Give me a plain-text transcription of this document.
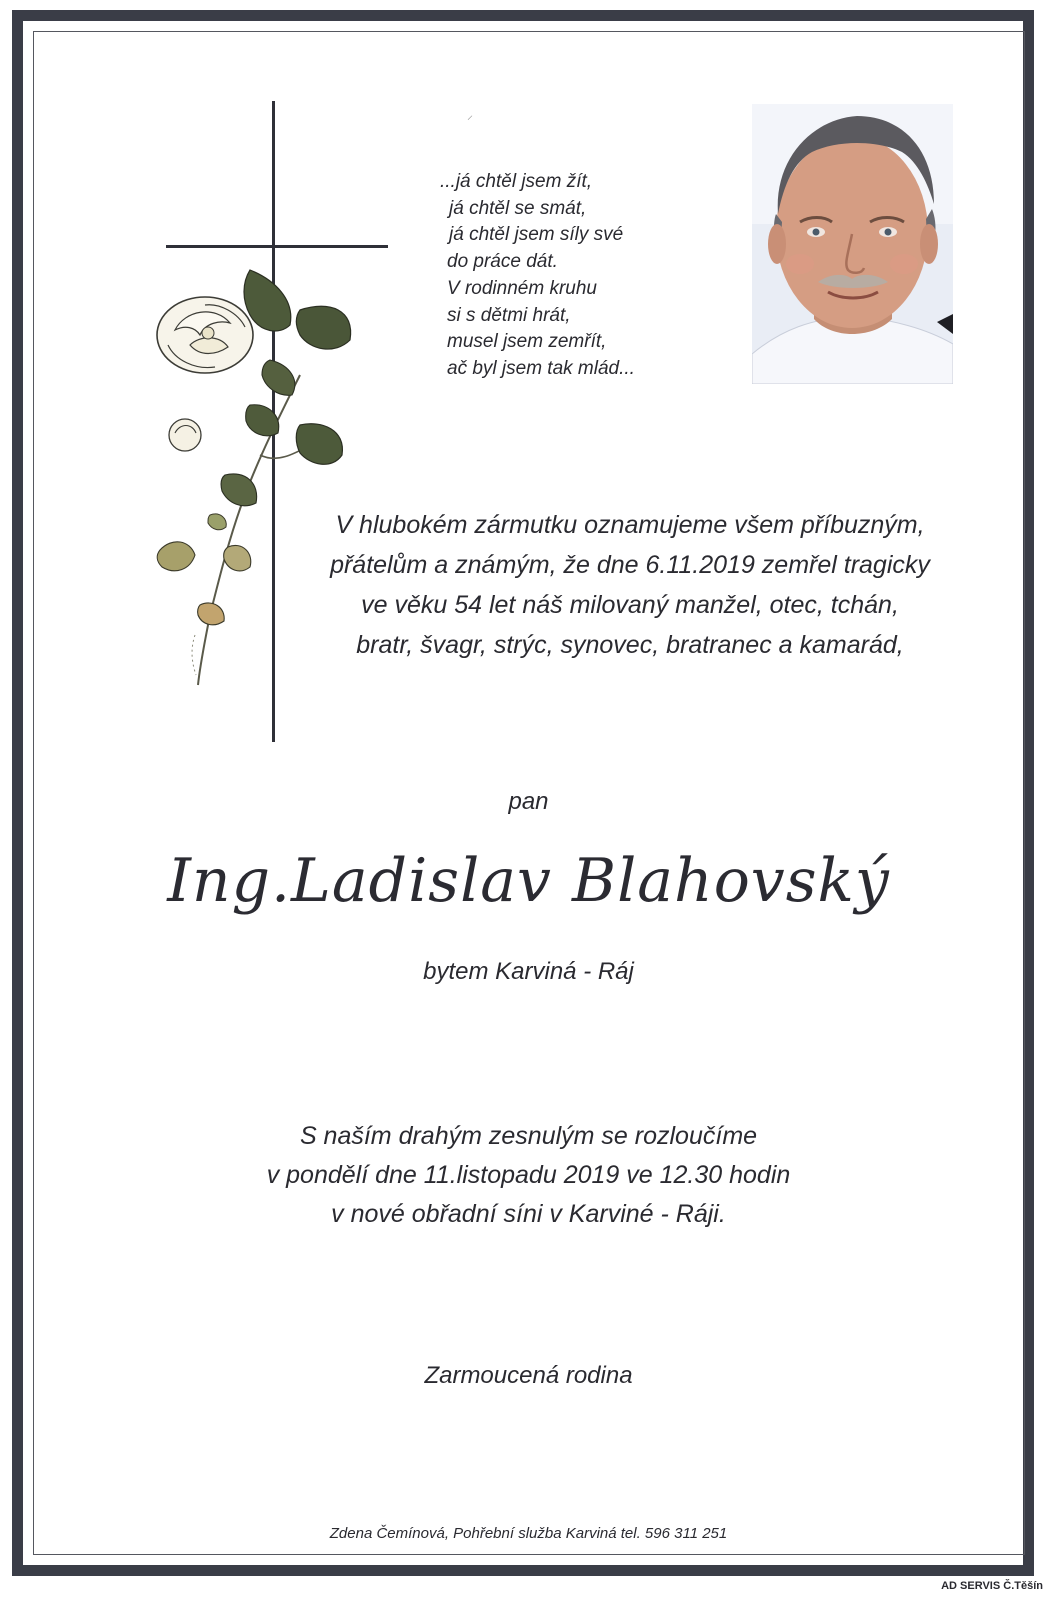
⸝
...já chtěl jsem žít,
já chtěl se smát,
já chtěl jsem síly své
do práce dát.
V rodinném kruhu
si s dětmi hrát,
musel jsem zemřít,
ač byl jsem tak mlád...
V hlubokém zármutku oznamujeme všem příbuzným,
přátelům a známým, že dne 6.11.2019 zemřel tragicky
ve věku 54 let náš milovaný manžel, otec, tchán,
bratr, švagr, strýc, synovec, bratranec a kamarád,
pan
Ing.Ladislav Blahovský
bytem Karviná - Ráj
S naším drahým zesnulým se rozloučíme
v pondělí dne 11.listopadu 2019 ve 12.30 hodin
v nové obřadní síni v Karviné - Ráji.
Zarmoucená rodina
Zdena Čemínová, Pohřební služba Karviná tel. 596 311 251
AD SERVIS Č.Těšín
